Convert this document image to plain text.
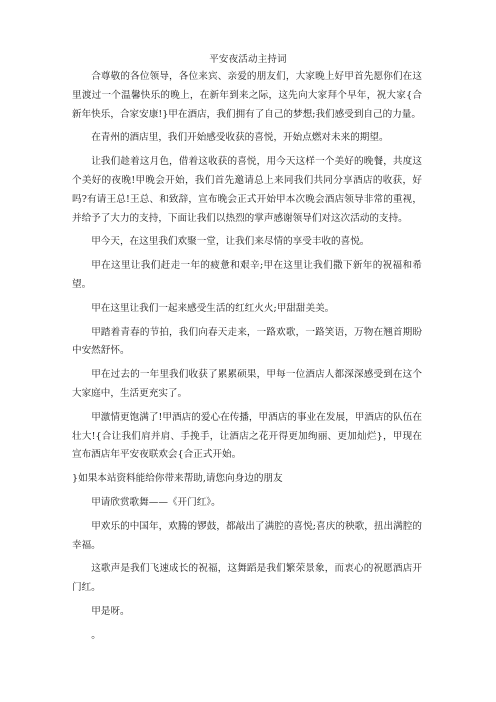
平安夜活动主持词

合尊敬的各位领导，各位来宾、亲爱的朋友们，大家晚上好甲首先愿你们在这里渡过一个温馨快乐的晚上，在新年到来之际，这先向大家拜个早年，祝大家{合新年快乐，合家安康!}甲在酒店，我们拥有了自己的梦想;我们感受到自己的力量。

在青州的酒店里，我们开始感受收获的喜悦，开始点燃对未来的期望。

让我们趁着这月色，借着这收获的喜悦，用今天这样一个美好的晚餐，共度这个美好的夜晚!甲晚会开始，我们首先邀请总上来同我们共同分享酒店的收获，好吗?有请王总!王总、和致辞，宣布晚会正式开始甲本次晚会酒店领导非常的重视，并给予了大力的支持，下面让我们以热烈的掌声感谢领导们对这次活动的支持。

甲今天，在这里我们欢聚一堂，让我们来尽情的享受丰收的喜悦。

甲在这里让我们赶走一年的疲惫和艰辛;甲在这里让我们撒下新年的祝福和希望。

甲在这里让我们一起来感受生活的红红火火;甲甜甜美美。

甲踏着青春的节拍，我们向春天走来，一路欢歌，一路笑语，万物在翘首期盼中安然舒怀。

甲在过去的一年里我们收获了累累硕果，甲每一位酒店人都深深感受到在这个大家庭中，生活更充实了。

甲激情更饱满了!甲酒店的爱心在传播，甲酒店的事业在发展，甲酒店的队伍在壮大!{合让我们肩并肩、手挽手，让酒店之花开得更加绚丽、更加灿烂}，甲现在宣布酒店年平安夜联欢会{合正式开始。

}如果本站资料能给你带来帮助,请您向身边的朋友

甲请欣赏歌舞——《开门红》。

甲欢乐的中国年，欢腾的锣鼓，都敲出了满腔的喜悦;喜庆的秧歌，扭出满腔的幸福。

这歌声是我们飞速成长的祝福，这舞蹈是我们繁荣景象，而衷心的祝愿酒店开门红。

甲是呀。

。
